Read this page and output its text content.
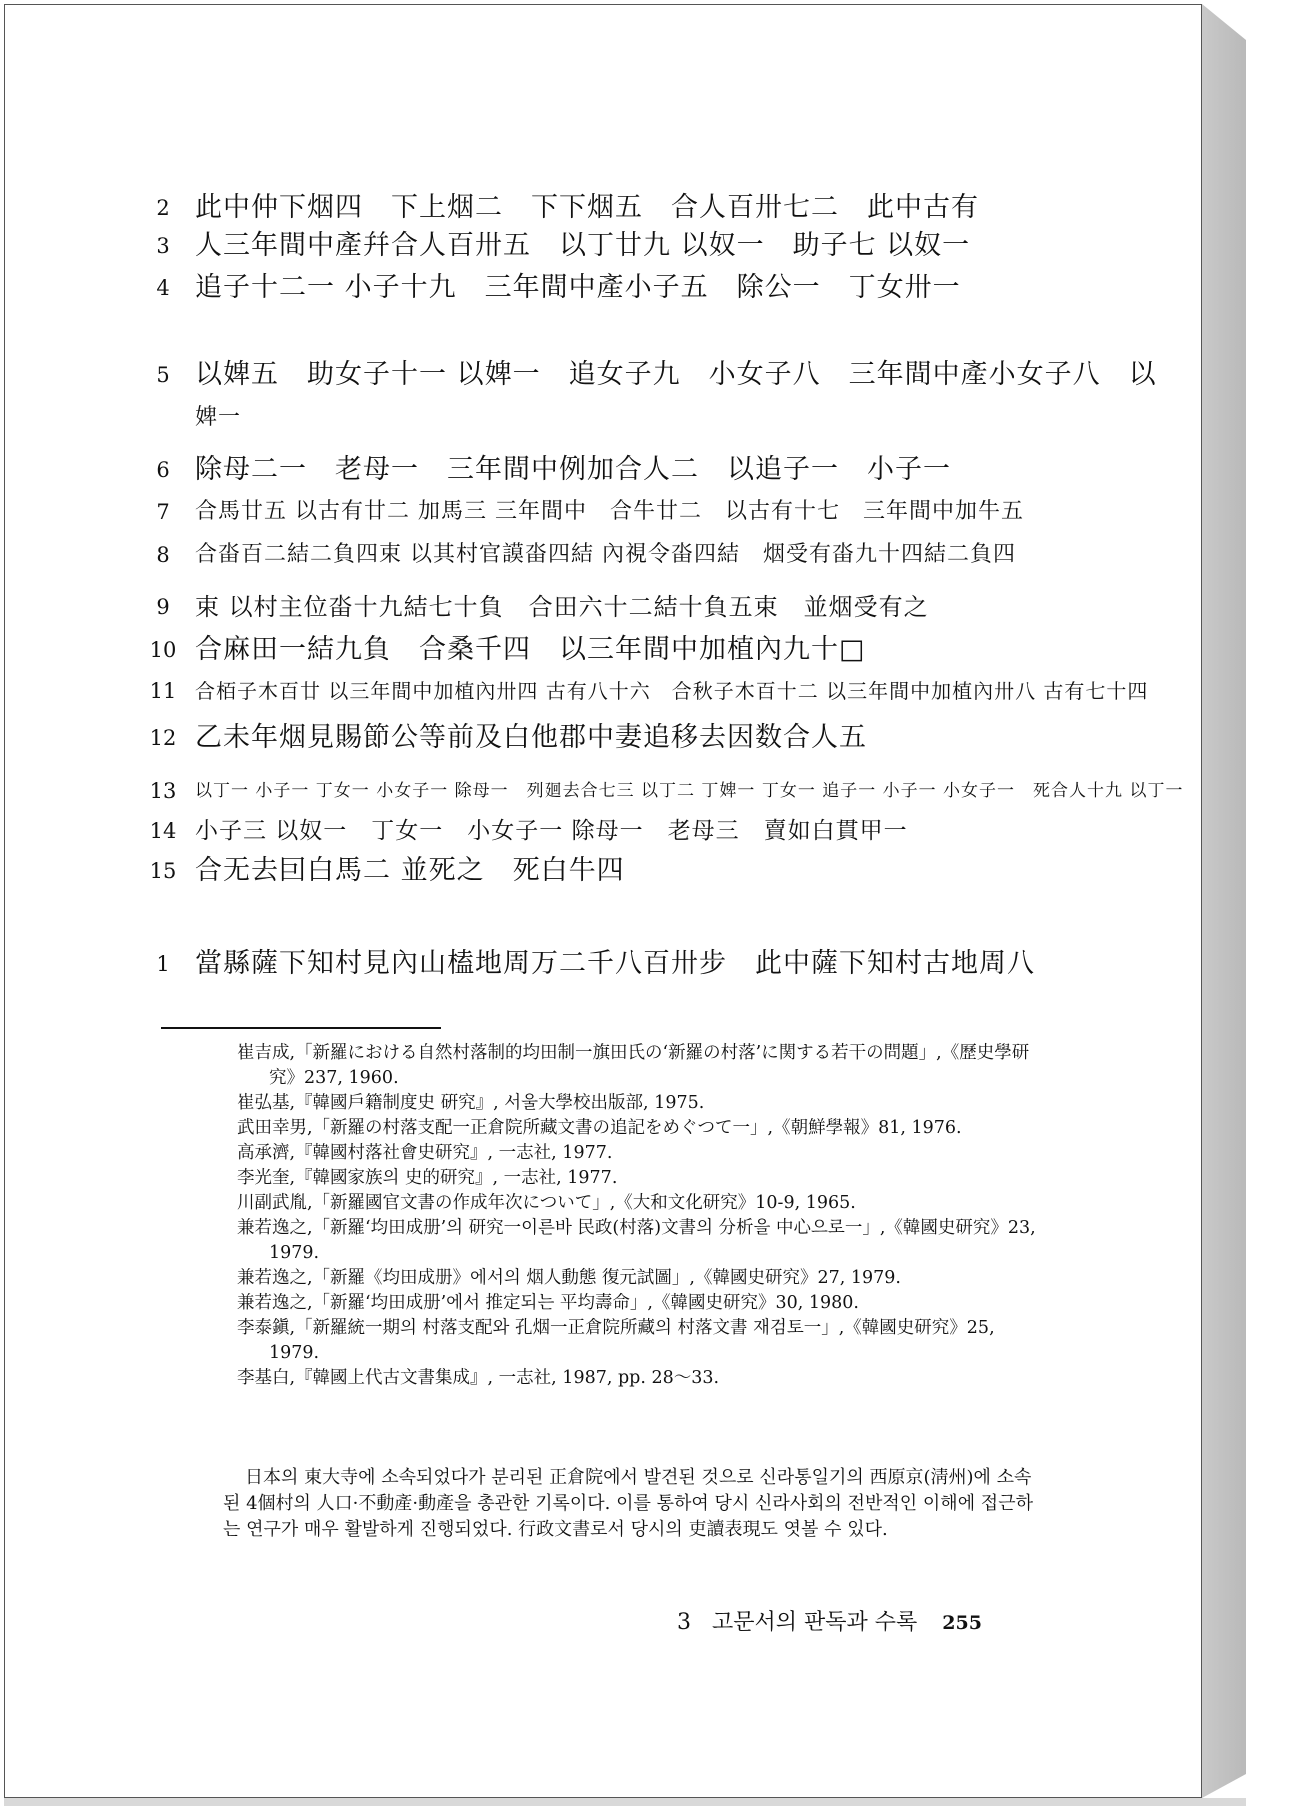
2 此中仲下烟四　下上烟二　下下烟五　合人百卅七二　此中古有
3 人三年間中產幷合人百卅五　以丁廿九 以奴一　助子七 以奴一
4 追子十二一 小子十九　三年間中產小子五　除公一　丁女卅一
5 以婢五　助女子十一 以婢一　追女子九　小女子八　三年間中產小女子八　以
婢一
6 除母二一　老母一　三年間中例加合人二　以追子一　小子一
7	合馬廿五 以古有廿二 加馬三 三年間中　合牛廿二　以古有十七　三年間中加牛五
8	合畓百二結二負四束 以其村官謨畓四結 內視令畓四結　烟受有畓九十四結二負四
9	束 以村主位畓十九結七十負　合田六十二結十負五束　並烟受有之
10 合麻田一結九負　合桑千四　以三年間中加植內九十□
11 合栢子木百廿 以三年間中加植內卅四 古有八十六　合秋子木百十二 以三年間中加植內卅八 古有七十四
12 乙未年烟見賜節公等前及白他郡中妻追移去因数合人五
13 以丁一 小子一 丁女一 小女子一 除母一　列廻去合七三 以丁二 丁婢一 丁女一 追子一 小子一 小女子一　死合人十九 以丁一
14 小子三 以奴一　丁女一　小女子一 除母一　老母三　賣如白貫甲一
15 合无去囙白馬二 並死之　死白牛四
1 當縣薩下知村見內山榼地周万二千八百卅步　此中薩下知村古地周八

崔吉成,「新羅における自然村落制的均田制一旗田氏の‘新羅の村落’に関する若干の問題」,《歷史學研究》237, 1960.

崔弘基,『韓國戶籍制度史 硏究』, 서울大學校出版部, 1975.

武田幸男,「新羅の村落支配一正倉院所藏文書の追記をめぐつて一」,《朝鮮學報》81, 1976.

高承濟,『韓國村落社會史研究』, 一志社, 1977.

李光奎,『韓國家族의 史的研究』, 一志社, 1977.

川副武胤,「新羅國官文書の作成年次について」,《大和文化研究》10-9, 1965.

兼若逸之,「新羅‘均田成册’의 研究一이른바 民政(村落)文書의 分析을 中心으로一」,《韓國史研究》23, 1979.

兼若逸之,「新羅《均田成册》에서의 烟人動態 復元試圖」,《韓國史研究》27, 1979.

兼若逸之,「新羅‘均田成册’에서 推定되는 平均壽命」,《韓國史研究》30, 1980.

李泰鎭,「新羅統一期의 村落支配와 孔烟一正倉院所藏의 村落文書 재검토一」,《韓國史研究》25, 1979.

李基白,『韓國上代古文書集成』, 一志社, 1987, pp. 28～33.

日本의 東大寺에 소속되었다가 분리된 正倉院에서 발견된 것으로 신라통일기의 西原京(淸州)에 소속된 4個村의 人口·不動產·動產을 총관한 기록이다. 이를 통하여 당시 신라사회의 전반적인 이해에 접근하는 연구가 매우 활발하게 진행되었다. 行政文書로서 당시의 吏讀表現도 엿볼 수 있다.

3 고문서의 판독과 수록 255
